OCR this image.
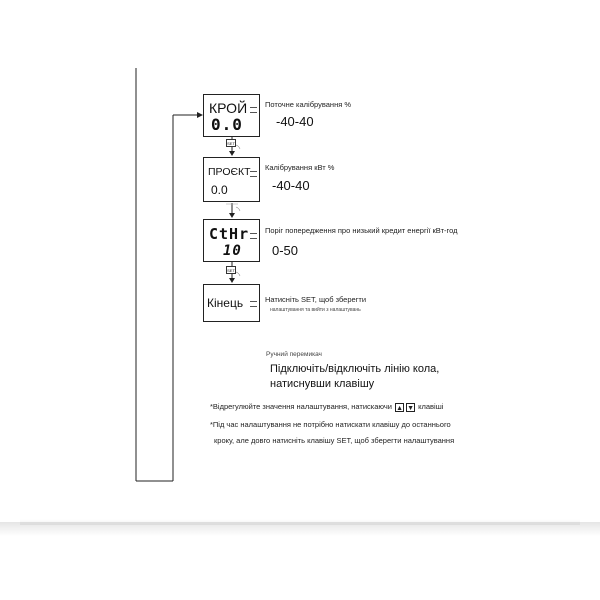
КРОЙ
0.0
SET
Поточне калібрування %
-40-40
ПРОЄКТ
0.0
Калібрування кВт %
-40-40
CtHr
10
SET
Поріг попередження про низький кредит енергії кВт-год
0-50
Кінець	Натисніть SET, щоб зберегти
налаштування та вийти з налаштувань
Ручний перемикач
Підключіть/відключіть лінію кола,
натиснувши клавішу
*Відрегулюйте значення налаштування, натискаючи ▲ ▼ клавіші
*Під час налаштування не потрібно натискати клавішу до останнього
кроку, але довго натисніть клавішу SET, щоб зберегти налаштування
